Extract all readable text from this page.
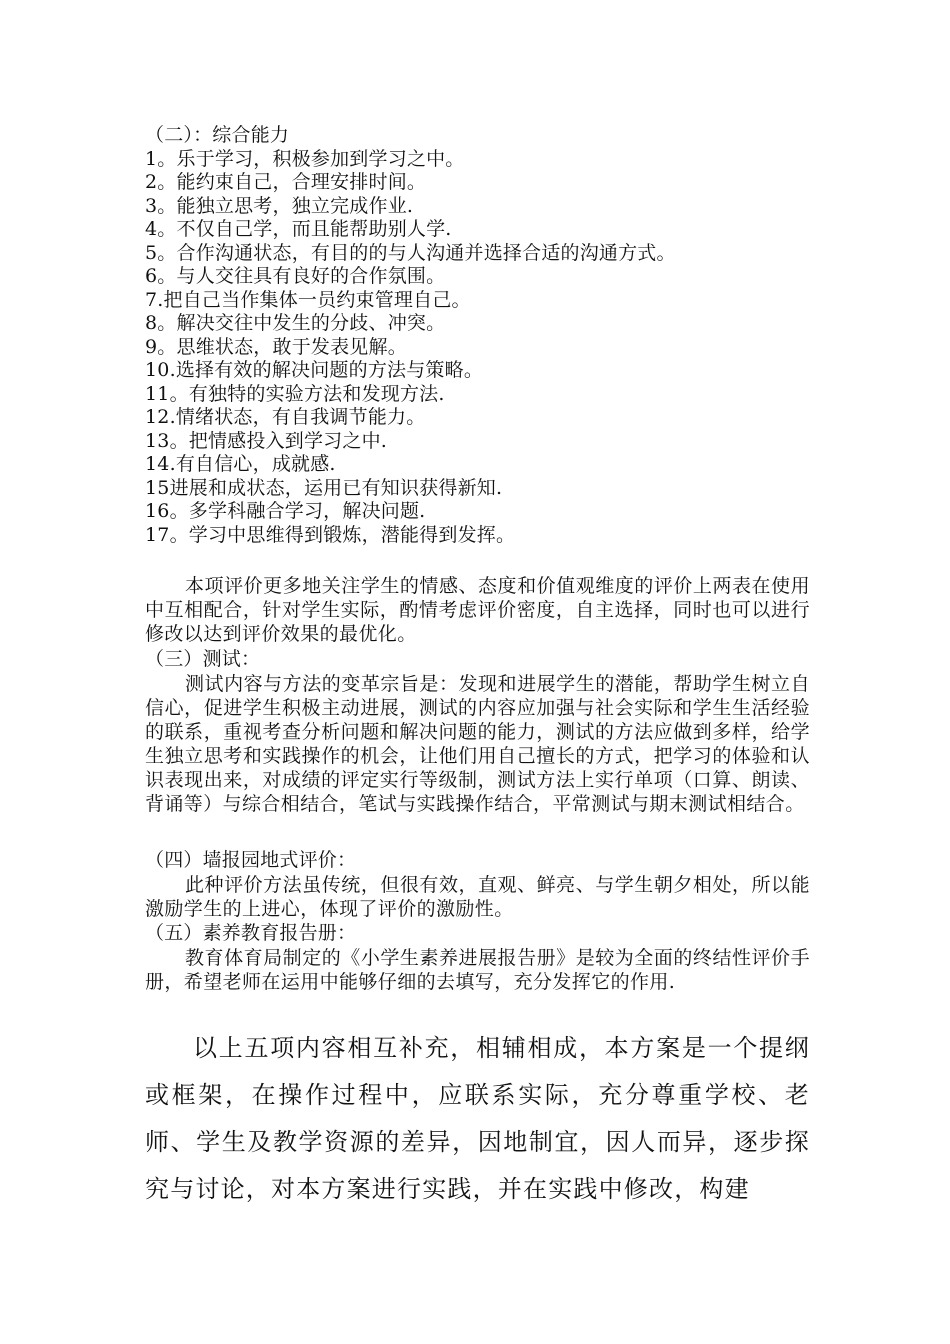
（二）：综合能力
1。乐于学习，积极参加到学习之中。
2。能约束自己，合理安排时间。
3。能独立思考，独立完成作业.
4。不仅自己学，而且能帮助别人学.
5。合作沟通状态，有目的的与人沟通并选择合适的沟通方式。
6。与人交往具有良好的合作氛围。
7.把自己当作集体一员约束管理自己。
8。解决交往中发生的分歧、冲突。
9。思维状态，敢于发表见解。
10.选择有效的解决问题的方法与策略。
11。有独特的实验方法和发现方法.
12.情绪状态，有自我调节能力。
13。把情感投入到学习之中.
14.有自信心，成就感.
15进展和成状态，运用已有知识获得新知.
16。多学科融合学习，解决问题.
17。学习中思维得到锻炼，潜能得到发挥。
本项评价更多地关注学生的情感、态度和价值观维度的评价上两表在使用中互相配合，针对学生实际，酌情考虑评价密度，自主选择，同时也可以进行修改以达到评价效果的最优化。
（三）测试：
测试内容与方法的变革宗旨是：发现和进展学生的潜能，帮助学生树立自信心，促进学生积极主动进展，测试的内容应加强与社会实际和学生生活经验的联系，重视考查分析问题和解决问题的能力，测试的方法应做到多样，给学生独立思考和实践操作的机会，让他们用自己擅长的方式，把学习的体验和认识表现出来，对成绩的评定实行等级制，测试方法上实行单项（口算、朗读、背诵等）与综合相结合，笔试与实践操作结合，平常测试与期末测试相结合。
（四）墙报园地式评价：
此种评价方法虽传统，但很有效，直观、鲜亮、与学生朝夕相处，所以能激励学生的上进心，体现了评价的激励性。
（五）素养教育报告册：
教育体育局制定的《小学生素养进展报告册》是较为全面的终结性评价手册，希望老师在运用中能够仔细的去填写，充分发挥它的作用.
以上五项内容相互补充，相辅相成，本方案是一个提纲或框架，在操作过程中，应联系实际，充分尊重学校、老师、学生及教学资源的差异，因地制宜，因人而异，逐步探究与讨论，对本方案进行实践，并在实践中修改，构建
